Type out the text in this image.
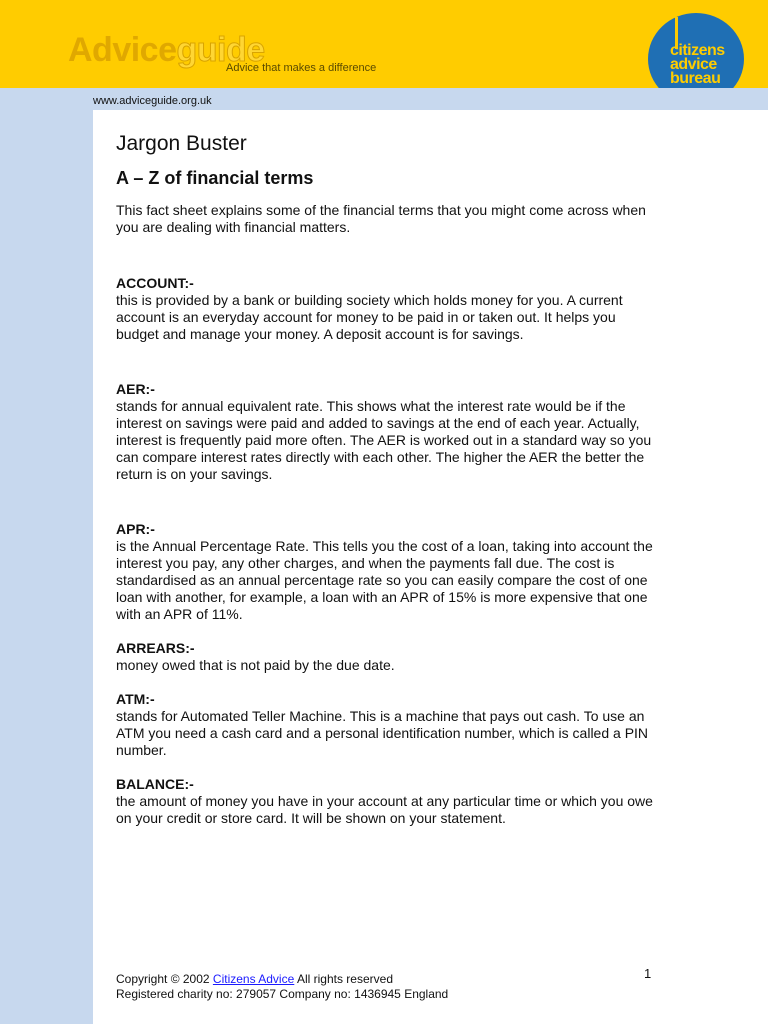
Adviceguide
Advice that makes a difference
citizens
advice
bureau
www.adviceguide.org.uk
Jargon Buster
A – Z of financial terms

This fact sheet explains some of the financial terms that you might come across when you are dealing with financial matters.

ACCOUNT:-

this is provided by a bank or building society which holds money for you. A current account is an everyday account for money to be paid in or taken out. It helps you budget and manage your money. A deposit account is for savings.

AER:-

stands for annual equivalent rate. This shows what the interest rate would be if the interest on savings were paid and added to savings at the end of each year. Actually, interest is frequently paid more often. The AER is worked out in a standard way so you can compare interest rates directly with each other. The higher the AER the better the return is on your savings.

APR:-

is the Annual Percentage Rate. This tells you the cost of a loan, taking into account the interest you pay, any other charges, and when the payments fall due. The cost is standardised as an annual percentage rate so you can easily compare the cost of one loan with another, for example, a loan with an APR of 15% is more expensive that one with an APR of 11%.

ARREARS:-

money owed that is not paid by the due date.

ATM:-

stands for Automated Teller Machine. This is a machine that pays out cash. To use an ATM you need a cash card and a personal identification number, which is called a PIN number.

BALANCE:-

the amount of money you have in your account at any particular time or which you owe on your credit or store card. It will be shown on your statement.

1
Copyright © 2002 Citizens Advice All rights reserved
Registered charity no: 279057 Company no: 1436945 England
